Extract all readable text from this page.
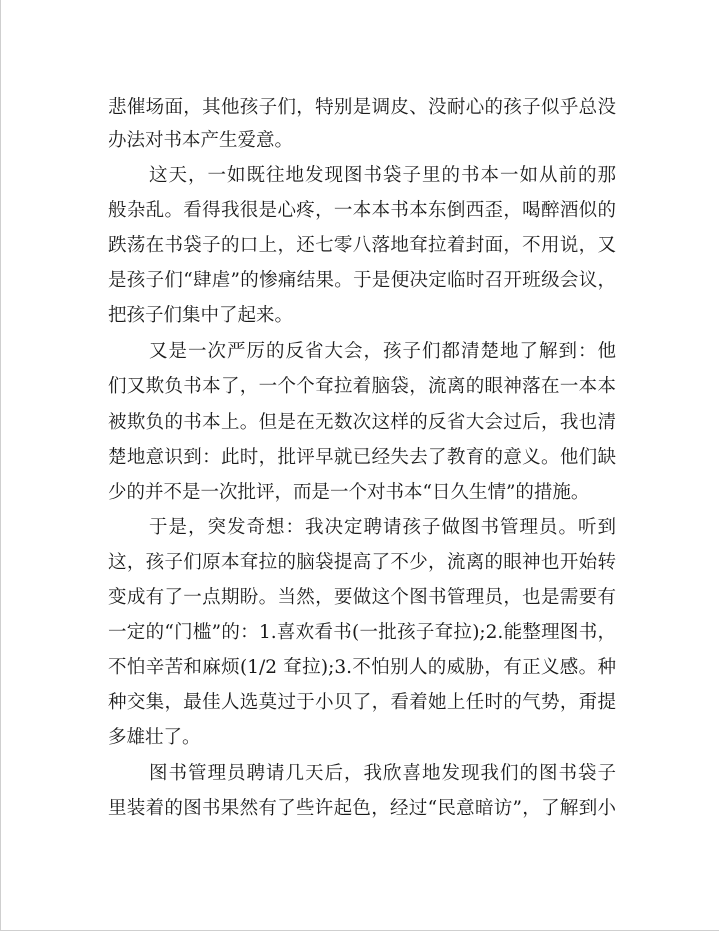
悲催场面，其他孩子们，特别是调皮、没耐心的孩子似乎总没

办法对书本产生爱意。

这天，一如既往地发现图书袋子里的书本一如从前的那

般杂乱。看得我很是心疼，一本本书本东倒西歪，喝醉酒似的

跌荡在书袋子的口上，还七零八落地耷拉着封面，不用说，又

是孩子们“肆虐”的惨痛结果。于是便决定临时召开班级会议，

把孩子们集中了起来。

又是一次严厉的反省大会，孩子们都清楚地了解到：他

们又欺负书本了，一个个耷拉着脑袋，流离的眼神落在一本本

被欺负的书本上。但是在无数次这样的反省大会过后，我也清

楚地意识到：此时，批评早就已经失去了教育的意义。他们缺

少的并不是一次批评，而是一个对书本“日久生情”的措施。

于是，突发奇想：我决定聘请孩子做图书管理员。听到

这，孩子们原本耷拉的脑袋提高了不少，流离的眼神也开始转

变成有了一点期盼。当然，要做这个图书管理员，也是需要有

一定的“门槛”的：1.喜欢看书(一批孩子耷拉);2.能整理图书，

不怕辛苦和麻烦(1/2 耷拉);3.不怕别人的威胁，有正义感。种

种交集，最佳人选莫过于小贝了，看着她上任时的气势，甭提

多雄壮了。

图书管理员聘请几天后，我欣喜地发现我们的图书袋子

里装着的图书果然有了些许起色，经过“民意暗访”，了解到小
